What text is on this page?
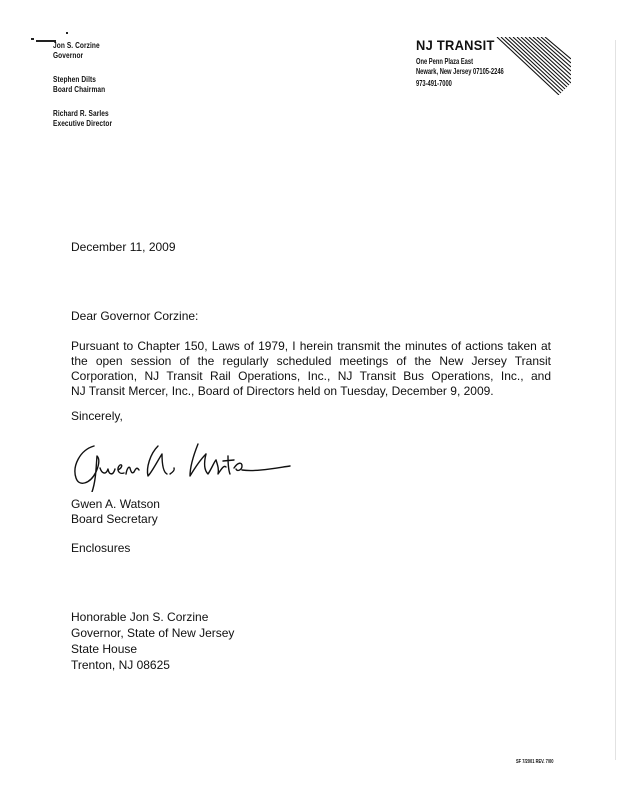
Jon S. Corzine
Governor
Stephen Dilts
Board Chairman
Richard R. Sarles
Executive Director
NJ TRANSIT
One Penn Plaza East
Newark, New Jersey 07105-2246
973-491-7000
December 11, 2009
Dear Governor Corzine:
Pursuant to Chapter 150, Laws of 1979, I herein transmit the minutes of actions taken at
the open session of the regularly scheduled meetings of the New Jersey Transit
Corporation, NJ Transit Rail Operations, Inc., NJ Transit Bus Operations, Inc., and
NJ Transit Mercer, Inc., Board of Directors held on Tuesday, December 9, 2009.
Sincerely,
Gwen A. Watson
Board Secretary
Enclosures
Honorable Jon S. Corzine
Governor, State of New Jersey
State House
Trenton, NJ 08625
SF 7/2001 REV. 7/00
